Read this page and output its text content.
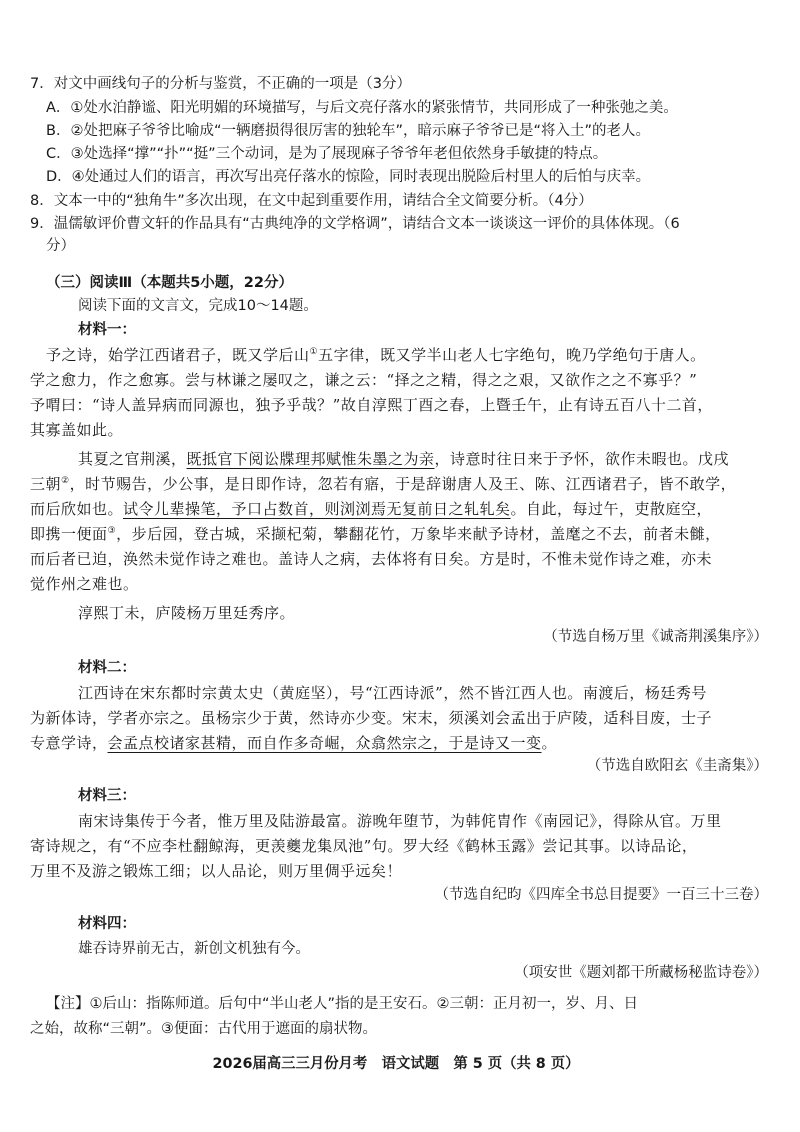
7．对文中画线句子的分析与鉴赏，不正确的一项是（3分）
A．①处水泊静谧、阳光明媚的环境描写，与后文亮仔落水的紧张情节，共同形成了一种张弛之美。
B．②处把麻子爷爷比喻成“一辆磨损得很厉害的独轮车”，暗示麻子爷爷已是“将入土”的老人。
C．③处选择“撑”“扑”“挺”三个动词，是为了展现麻子爷爷年老但依然身手敏捷的特点。
D．④处通过人们的语言，再次写出亮仔落水的惊险，同时表现出脱险后村里人的后怕与庆幸。
8．文本一中的“独角牛”多次出现，在文中起到重要作用，请结合全文简要分析。（4分）
9．温儒敏评价曹文轩的作品具有“古典纯净的文学格调”，请结合文本一谈谈这一评价的具体体现。（6
分）
（三）阅读Ⅲ（本题共5小题，22分）
阅读下面的文言文，完成10～14题。
材料一：
予之诗，始学江西诸君子，既又学后山①五字律，既又学半山老人七字绝句，晚乃学绝句于唐人。
学之愈力，作之愈寡。尝与林谦之屡叹之，谦之云：“择之之精，得之之艰，又欲作之之不寡乎？”
予喟曰：“诗人盖异病而同源也，独予乎哉？”故自淳熙丁酉之春，上暨壬午，止有诗五百八十二首，
其寡盖如此。
其夏之官荆溪，既抵官下阅讼牒理邦赋惟朱墨之为亲，诗意时往日来于予怀，欲作未暇也。戊戌
三朝②，时节赐告，少公事，是日即作诗，忽若有寤，于是辞谢唐人及王、陈、江西诸君子，皆不敢学，
而后欣如也。试令儿辈操笔，予口占数首，则浏浏焉无复前日之轧轧矣。自此，每过午，吏散庭空，
即携一便面③，步后园，登古城，采撷杞菊，攀翻花竹，万象毕来献予诗材，盖麾之不去，前者未雠，
而后者已迫，涣然未觉作诗之难也。盖诗人之病，去体将有日矣。方是时，不惟未觉作诗之难，亦未
觉作州之难也。
淳熙丁未，庐陵杨万里廷秀序。
（节选自杨万里《诚斋荆溪集序》）
材料二：
江西诗在宋东都时宗黄太史（黄庭坚），号“江西诗派”，然不皆江西人也。南渡后，杨廷秀号
为新体诗，学者亦宗之。虽杨宗少于黄，然诗亦少变。宋末，须溪刘会孟出于庐陵，适科目废，士子
专意学诗，会孟点校诸家甚精，而自作多奇崛，众翕然宗之，于是诗又一变。
（节选自欧阳玄《圭斋集》）
材料三：
南宋诗集传于今者，惟万里及陆游最富。游晚年堕节，为韩侂胄作《南园记》，得除从官。万里
寄诗规之，有“不应李杜翻鲸海，更羡夔龙集凤池”句。罗大经《鹤林玉露》尝记其事。以诗品论，
万里不及游之锻炼工细；以人品论，则万里倜乎远矣！
（节选自纪昀《四库全书总目提要》一百三十三卷）
材料四：
雄吞诗界前无古，新创文机独有今。
（项安世《题刘都干所藏杨秘监诗卷》）
【注】①后山：指陈师道。后句中“半山老人”指的是王安石。②三朝：正月初一，岁、月、日
之始，故称“三朝”。③便面：古代用于遮面的扇状物。
2026届高三三月份月考　语文试题　第 5 页（共 8 页）
